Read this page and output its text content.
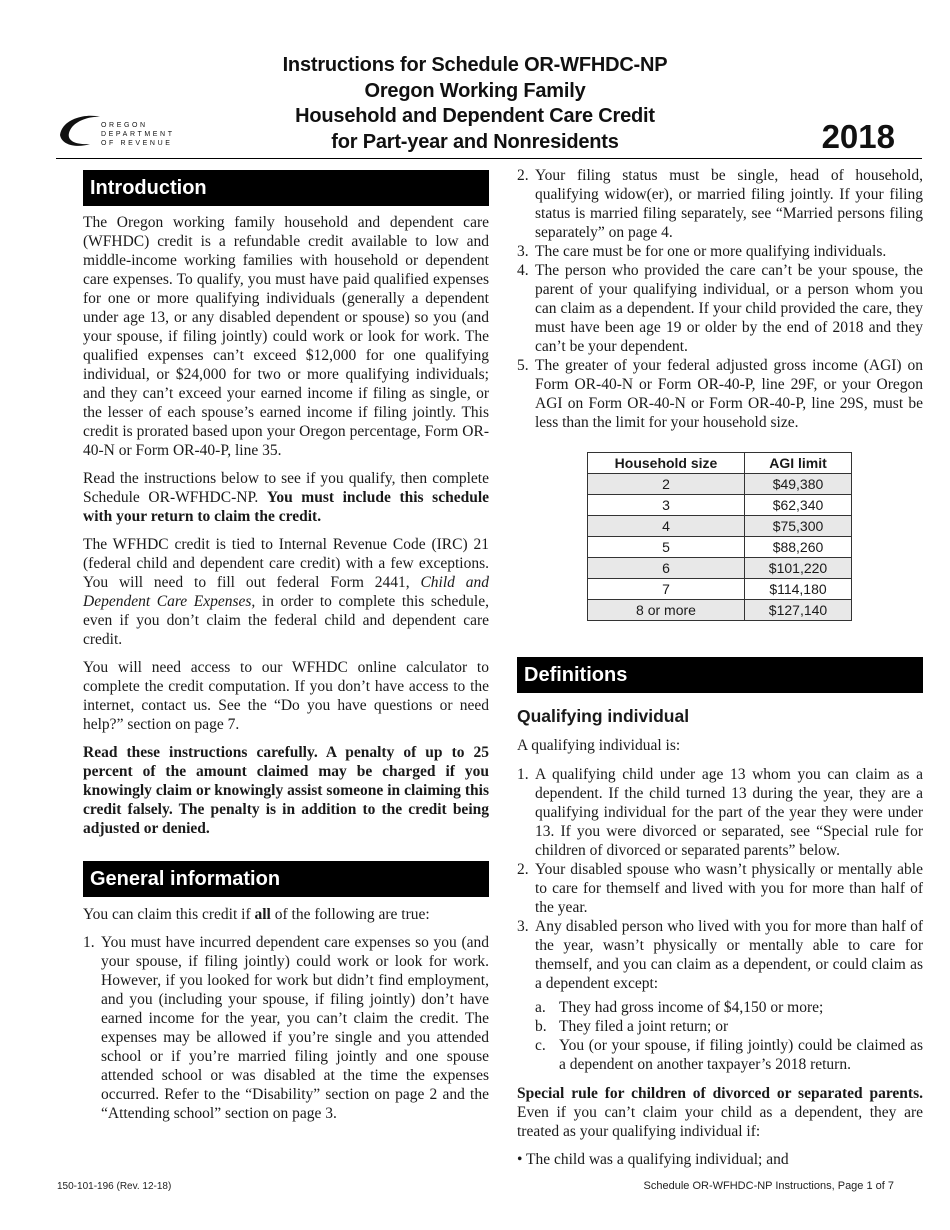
OREGON
DEPARTMENT
OF REVENUE
Instructions for Schedule OR-WFHDC-NP
Oregon Working Family
Household and Dependent Care Credit
for Part-year and Nonresidents	2018
Introduction

The Oregon working family household and dependent care (WFHDC) credit is a refundable credit available to low and middle-income working families with household or dependent care expenses. To qualify, you must have paid qualified expenses for one or more qualifying individuals (generally a dependent under age 13, or any disabled dependent or spouse) so you (and your spouse, if filing jointly) could work or look for work. The qualified expenses can’t exceed $12,000 for one qualifying individual, or $24,000 for two or more qualifying individuals; and they can’t exceed your earned income if filing as single, or the lesser of each spouse’s earned income if filing jointly. This credit is prorated based upon your Oregon percentage, Form OR-40-N or Form OR-40-P, line 35.

Read the instructions below to see if you qualify, then complete Schedule OR-WFHDC-NP. You must include this schedule with your return to claim the credit.

The WFHDC credit is tied to Internal Revenue Code (IRC) 21 (federal child and dependent care credit) with a few exceptions. You will need to fill out federal Form 2441, Child and Dependent Care Expenses, in order to complete this schedule, even if you don’t claim the federal child and dependent care credit.

You will need access to our WFHDC online calculator to complete the credit computation. If you don’t have access to the internet, contact us. See the “Do you have questions or need help?” section on page 7.

Read these instructions carefully. A penalty of up to 25 percent of the amount claimed may be charged if you knowingly claim or knowingly assist someone in claiming this credit falsely. The penalty is in addition to the credit being adjusted or denied.

General information

You can claim this credit if all of the following are true:

1. You must have incurred dependent care expenses so you (and your spouse, if filing jointly) could work or look for work. However, if you looked for work but didn’t find employment, and you (including your spouse, if filing jointly) don’t have earned income for the year, you can’t claim the credit. The expenses may be allowed if you’re single and you attended school or if you’re married filing jointly and one spouse attended school or was disabled at the time the expenses occurred. Refer to the “Disability” section on page 2 and the “Attending school” section on page 3.
2. Your filing status must be single, head of household, qualifying widow(er), or married filing jointly. If your filing status is married filing separately, see “Married persons filing separately” on page 4.
3. The care must be for one or more qualifying individuals.
4. The person who provided the care can’t be your spouse, the parent of your qualifying individual, or a person whom you can claim as a dependent. If your child provided the care, they must have been age 19 or older by the end of 2018 and they can’t be your dependent.
5. The greater of your federal adjusted gross income (AGI) on Form OR-40-N or Form OR-40-P, line 29F, or your Oregon AGI on Form OR-40-N or Form OR-40-P, line 29S, must be less than the limit for your household size.
Household size	AGI limit
2	$49,380
3	$62,340
4	$75,300
5	$88,260
6	$101,220
7	$114,180
8 or more	$127,140
Definitions
Qualifying individual

A qualifying individual is:

1. A qualifying child under age 13 whom you can claim as a dependent. If the child turned 13 during the year, they are a qualifying individual for the part of the year they were under 13. If you were divorced or separated, see “Special rule for children of divorced or separated parents” below.
2. Your disabled spouse who wasn’t physically or mentally able to care for themself and lived with you for more than half of the year.
3. Any disabled person who lived with you for more than half of the year, wasn’t physically or mentally able to care for themself, and you can claim as a dependent, or could claim as a dependent except:
a. They had gross income of $4,150 or more;
b. They filed a joint return; or
c. You (or your spouse, if filing jointly) could be claimed as a dependent on another taxpayer’s 2018 return.

Special rule for children of divorced or separated parents. Even if you can’t claim your child as a dependent, they are treated as your qualifying individual if:

• The child was a qualifying individual; and

150-101-196 (Rev. 12-18)	Schedule OR-WFHDC-NP Instructions, Page 1 of 7
